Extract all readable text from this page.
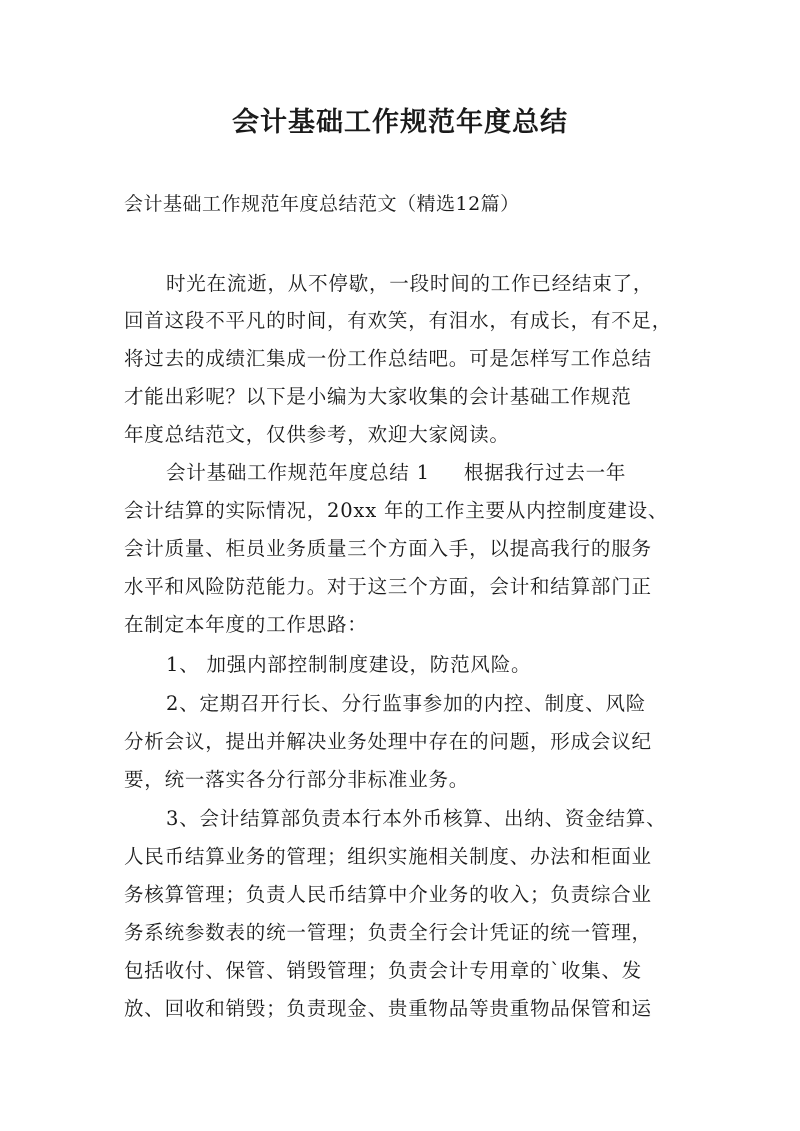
会计基础工作规范年度总结
会计基础工作规范年度总结范文（精选12篇）
时光在流逝，从不停歇，一段时间的工作已经结束了，
回首这段不平凡的时间，有欢笑，有泪水，有成长，有不足，
将过去的成绩汇集成一份工作总结吧。可是怎样写工作总结
才能出彩呢？以下是小编为大家收集的会计基础工作规范
年度总结范文，仅供参考，欢迎大家阅读。
会计基础工作规范年度总结 1 根据我行过去一年
会计结算的实际情况，20xx 年的工作主要从内控制度建设、
会计质量、柜员业务质量三个方面入手，以提高我行的服务
水平和风险防范能力。对于这三个方面，会计和结算部门正
在制定本年度的工作思路：
1、 加强内部控制制度建设，防范风险。
2、定期召开行长、分行监事参加的内控、制度、风险
分析会议，提出并解决业务处理中存在的问题，形成会议纪
要，统一落实各分行部分非标准业务。
3、会计结算部负责本行本外币核算、出纳、资金结算、
人民币结算业务的管理；组织实施相关制度、办法和柜面业
务核算管理；负责人民币结算中介业务的收入；负责综合业
务系统参数表的统一管理；负责全行会计凭证的统一管理，
包括收付、保管、销毁管理；负责会计专用章的`收集、发
放、回收和销毁；负责现金、贵重物品等贵重物品保管和运
